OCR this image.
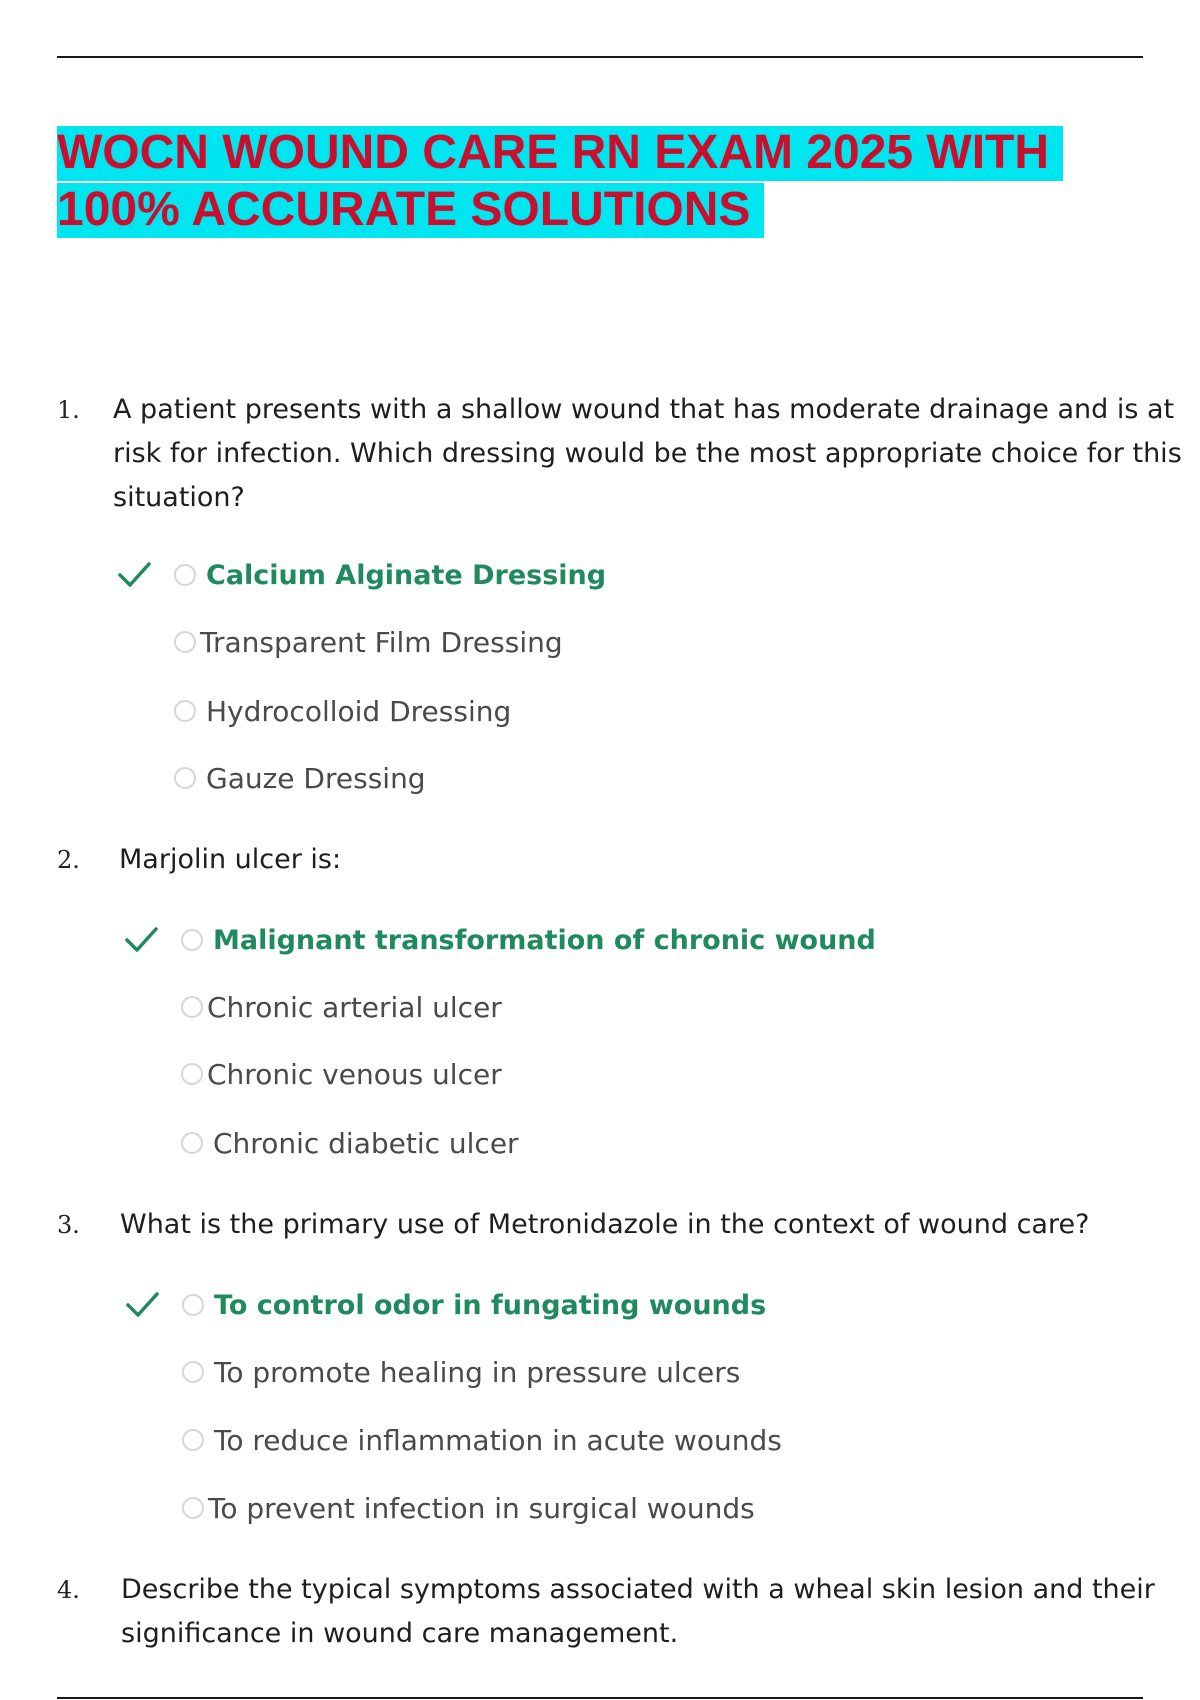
WOCN WOUND CARE RN EXAM 2025 WITH
100% ACCURATE SOLUTIONS
1. A patient presents with a shallow wound that has moderate drainage and is at risk for infection. Which dressing would be the most appropriate choice for this situation?
Calcium Alginate Dressing
Transparent Film Dressing
Hydrocolloid Dressing
Gauze Dressing
2. Marjolin ulcer is:
Malignant transformation of chronic wound
Chronic arterial ulcer
Chronic venous ulcer
Chronic diabetic ulcer
3. What is the primary use of Metronidazole in the context of wound care?
To control odor in fungating wounds
To promote healing in pressure ulcers
To reduce inflammation in acute wounds
To prevent infection in surgical wounds
4. Describe the typical symptoms associated with a wheal skin lesion and their significance in wound care management.
